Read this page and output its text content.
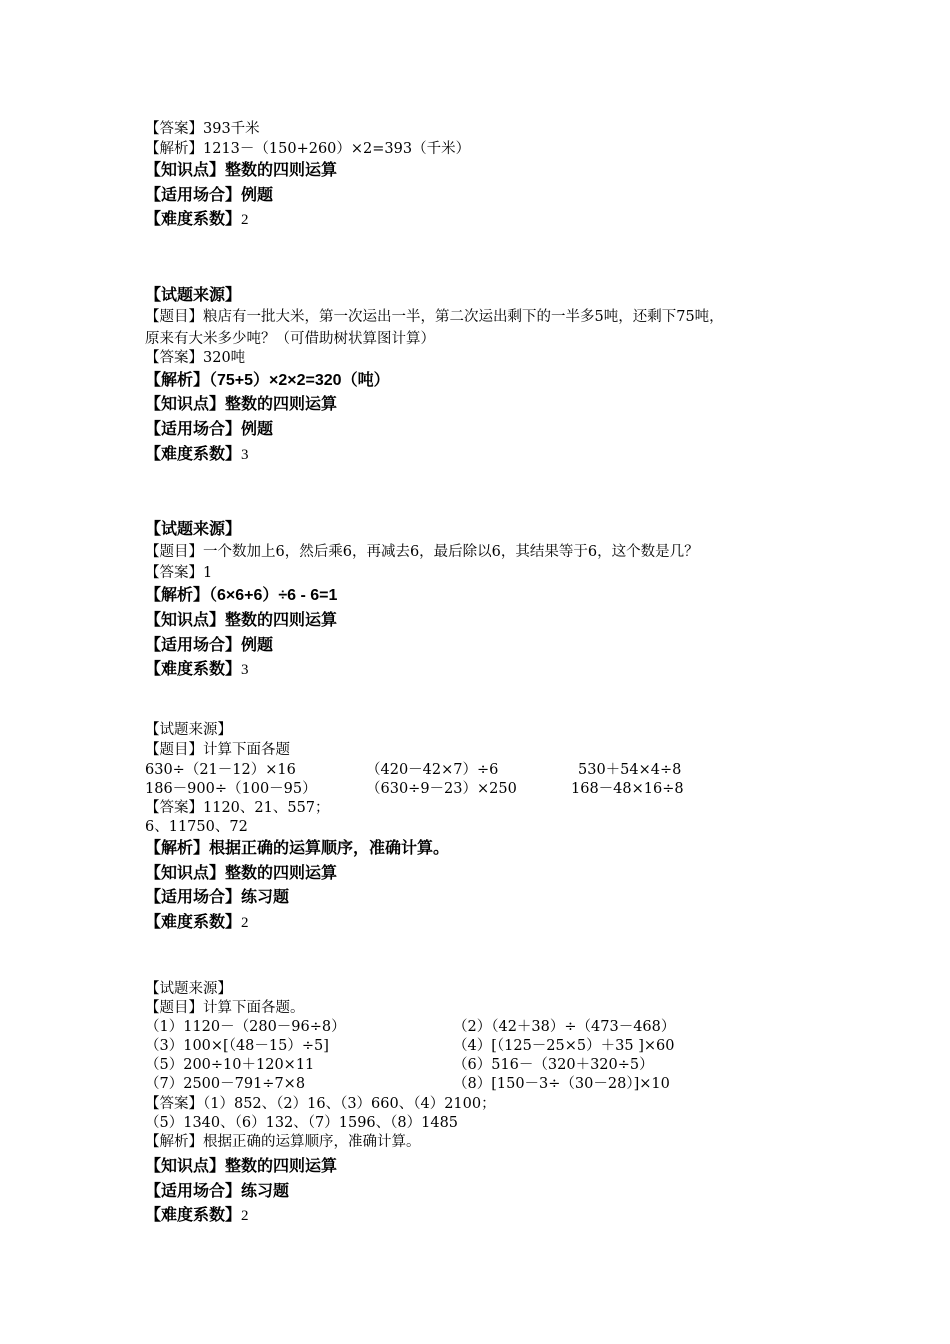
【答案】393千米
【解析】1213－（150+260）×2=393（千米）
【知识点】整数的四则运算
【适用场合】例题
【难度系数】2
【试题来源】
【题目】粮店有一批大米，第一次运出一半，第二次运出剩下的一半多5吨，还剩下75吨，
原来有大米多少吨？（可借助树状算图计算）
【答案】320吨
【解析】（75+5）×2×2=320（吨）
【知识点】整数的四则运算
【适用场合】例题
【难度系数】3
【试题来源】
【题目】一个数加上6，然后乘6，再减去6，最后除以6，其结果等于6，这个数是几？
【答案】1
【解析】（6×6+6）÷6 - 6=1
【知识点】整数的四则运算
【适用场合】例题
【难度系数】3
【试题来源】
【题目】计算下面各题
630÷（21－12）×16	（420－42×7）÷6	530＋54×4÷8
186－900÷（100－95）	（630÷9－23）×250	168－48×16÷8
【答案】1120、21、557；
6、11750、72
【解析】根据正确的运算顺序，准确计算。
【知识点】整数的四则运算
【适用场合】练习题
【难度系数】2
【试题来源】
【题目】计算下面各题。
（1）1120－（280－96÷8）	（2）（42＋38）÷（473－468）
（3）100×[（48－15）÷5]	（4）[（125－25×5）＋35 ]×60
（5）200÷10＋120×11	（6）516－（320＋320÷5）
（7）2500－791÷7×8	（8）[150－3÷（30－28）]×10
【答案】（1）852、（2）16、（3）660、（4）2100；
（5）1340、（6）132、（7）1596、（8）1485
【解析】根据正确的运算顺序，准确计算。
【知识点】整数的四则运算
【适用场合】练习题
【难度系数】2
